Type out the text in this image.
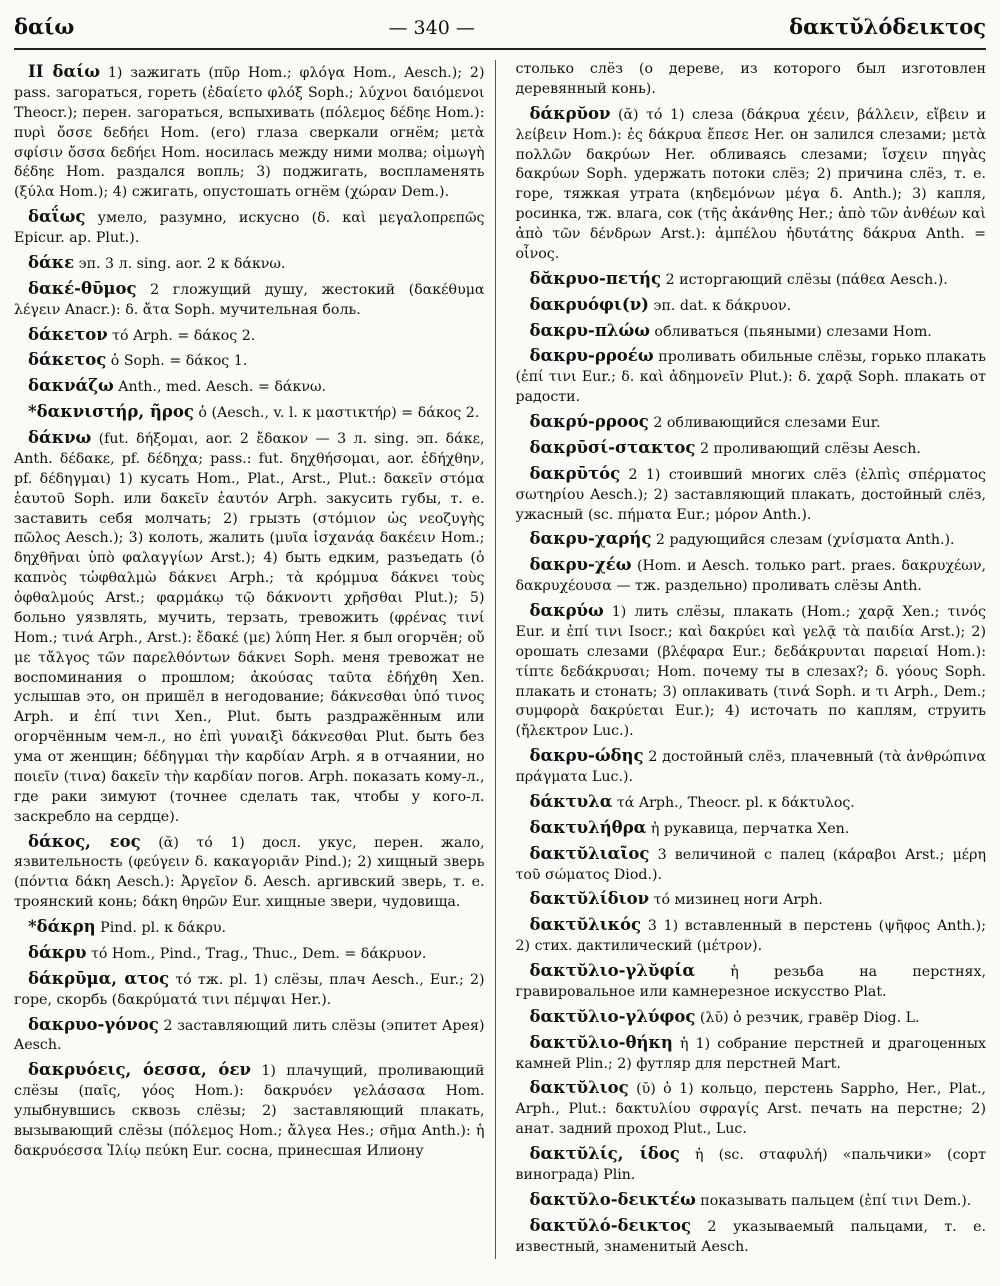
δαίω	— 340 —	δακτῠλόδεικτος

II δαίω 1) зажигать (πῦρ Hom.; φλόγα Hom., Aesch.); 2) pass. загораться, гореть (ἐδαίετο φλόξ Soph.; λύχνοι δαιόμενοι Theocr.); перен. загораться, вспыхивать (πόλεμος δέδηε Hom.): πυρὶ ὄσσε δεδήει Hom. (его) глаза сверкали огнём; μετὰ σφίσιν ὄσσα δεδήει Hom. носилась между ними молва; οἰμωγὴ δέδηε Hom. раздался вопль; 3) поджигать, воспламенять (ξύλα Hom.); 4) сжигать, опустошать огнём (χώραν Dem.).

δαΐως умело, разумно, искусно (δ. καὶ μεγαλοπρεπῶς Epicur. ap. Plut.).

δάκε эп. 3 л. sing. aor. 2 к δάκνω.

δακέ-θῡμος 2 гложущий душу, жестокий (δακέθυμα λέγειν Anacr.): δ. ἄτα Soph. мучительная боль.

δάκετον τό Arph. = δάκος 2.

δάκετος ὁ Soph. = δάκος 1.

δακνάζω Anth., med. Aesch. = δάκνω.

*δακνιστήρ, ῆρος ὁ (Aesch., v. l. к μαστικτήρ) = δάκος 2.

δάκνω (fut. δήξομαι, aor. 2 ἔδακον — 3 л. sing. эп. δάκε, Anth. δέδακε, pf. δέδηχα; pass.: fut. δηχθήσομαι, aor. ἐδήχθην, pf. δέδηγμαι) 1) кусать Hom., Plat., Arst., Plut.: δακεῖν στόμα ἑαυτοῦ Soph. или δακεῖν ἑαυτόν Arph. закусить губы, т. е. заставить себя молчать; 2) грызть (στόμιον ὡς νεοζυγὴς πῶλος Aesch.); 3) колоть, жалить (μυῖα ἰσχανάᾳ δακέειν Hom.; δηχθῆναι ὑπὸ φαλαγγίων Arst.); 4) быть едким, разъедать (ὁ καπνὸς τὠφθαλμὼ δάκνει Arph.; τὰ κρόμμυα δάκνει τοὺς ὀφθαλμούς Arst.; φαρμάκῳ τῷ δάκνοντι χρῆσθαι Plut.); 5) больно уязвлять, мучить, терзать, тревожить (φρένας τινί Hom.; τινά Arph., Arst.): ἔδακέ (με) λύπη Her. я был огорчён; οὔ με τἄλγος τῶν παρελθόντων δάκνει Soph. меня тревожат не воспоминания о прошлом; ἀκούσας ταῦτα ἐδήχθη Xen. услышав это, он пришёл в негодование; δάκνεσθαι ὑπό τινος Arph. и ἐπί τινι Xen., Plut. быть раздражённым или огорчённым чем-л., но ἐπὶ γυναιξὶ δάκνεσθαι Plut. быть без ума от женщин; δέδηγμαι τὴν καρδίαν Arph. я в отчаянии, но ποιεῖν (τινα) δακεῖν τὴν καρδίαν погов. Arph. показать кому-л., где раки зимуют (точнее сделать так, чтобы у кого-л. заскребло на сердце).

δάκος, εος (ᾰ) τό 1) досл. укус, перен. жало, язвительность (φεύγειν δ. κακαγοριᾶν Pind.); 2) хищный зверь (πόντια δάκη Aesch.): Ἀργεῖον δ. Aesch. аргивский зверь, т. е. троянский конь; δάκη θηρῶν Eur. хищные звери, чудовища.

*δάκρη Pind. pl. к δάκρυ.

δάκρυ τό Hom., Pind., Trag., Thuc., Dem. = δάκρυον.

δάκρῡμα, ατος τό тж. pl. 1) слёзы, плач Aesch., Eur.; 2) горе, скорбь (δακρύματά τινι πέμψαι Her.).

δακρυο-γόνος 2 заставляющий лить слёзы (эпитет Арея) Aesch.

δακρυόεις, όεσσα, όεν 1) плачущий, проливающий слёзы (παῖς, γόος Hom.): δακρυόεν γελάσασα Hom. улыбнувшись сквозь слёзы; 2) заставляющий плакать, вызывающий слёзы (πόλεμος Hom.; ἄλγεα Hes.; σῆμα Anth.): ἡ δακρυόεσσα Ἰλίῳ πεύκη Eur. сосна, принесшая Илиону

столько слёз (о дереве, из которого был изготовлен деревянный конь).

δάκρῠον (ᾰ) τό 1) слеза (δάκρυα χέειν, βάλλειν, εἴβειν и λείβειν Hom.): ἐς δάκρυα ἔπεσε Her. он залился слезами; μετὰ πολλῶν δακρύων Her. обливаясь слезами; ἴσχειν πηγὰς δακρύων Soph. удержать потоки слёз; 2) причина слёз, т. е. горе, тяжкая утрата (κηδεμόνων μέγα δ. Anth.); 3) капля, росинка, тж. влага, сок (τῆς ἀκάνθης Her.; ἀπὸ τῶν ἀνθέων καὶ ἀπὸ τῶν δένδρων Arst.): ἀμπέλου ἡδυτάτης δάκρυα Anth. = οἶνος.

δᾰκρυο-πετής 2 исторгающий слёзы (πάθεα Aesch.).

δακρυόφι(ν) эп. dat. к δάκρυον.

δακρυ-πλώω обливаться (пьяными) слезами Hom.

δακρυ-ρροέω проливать обильные слёзы, горько плакать (ἐπί τινι Eur.; δ. καὶ ἀδημονεῖν Plut.): δ. χαρᾷ Soph. плакать от радости.

δακρύ-ρροος 2 обливающийся слезами Eur.

δακρῡσί-στακτος 2 проливающий слёзы Aesch.

δακρῡτός 2 1) стоивший многих слёз (ἐλπὶς σπέρματος σωτηρίου Aesch.); 2) заставляющий плакать, достойный слёз, ужасный (sc. πήματα Eur.; μόρον Anth.).

δακρυ-χαρής 2 радующийся слезам (χνίσματα Anth.).

δακρυ-χέω (Hom. и Aesch. только part. praes. δακρυχέων, δακρυχέουσα — тж. раздельно) проливать слёзы Anth.

δακρύω 1) лить слёзы, плакать (Hom.; χαρᾷ Xen.; τινός Eur. и ἐπί τινι Isocr.; καὶ δακρύει καὶ γελᾷ τὰ παιδία Arst.); 2) орошать слезами (βλέφαρα Eur.; δεδάκρυνται παρειαί Hom.): τίπτε δεδάκρυσαι; Hom. почему ты в слезах?; δ. γόους Soph. плакать и стонать; 3) оплакивать (τινά Soph. и τι Arph., Dem.; συμφορὰ δακρύεται Eur.); 4) источать по каплям, струить (ἤλεκτρον Luc.).

δακρυ-ώδης 2 достойный слёз, плачевный (τὰ ἀνθρώπινα πράγματα Luc.).

δάκτυλα τά Arph., Theocr. pl. к δάκτυλος.

δακτυλήθρα ἡ рукавица, перчатка Xen.

δακτῠλιαῖος 3 величиной с палец (κάραβοι Arst.; μέρη τοῦ σώματος Diod.).

δακτῠλίδιον τό мизинец ноги Arph.

δακτῠλικός 3 1) вставленный в перстень (ψῆφος Anth.); 2) стих. дактилический (μέτρον).

δακτῠλιο-γλῠφία ἡ резьба на перстнях, гравировальное или камнерезное искусство Plat.

δακτῠλιο-γλύφος (λῠ) ὁ резчик, гравёр Diog. L.

δακτῠλιο-θήκη ἡ 1) собрание перстней и драгоценных камней Plin.; 2) футляр для перстней Mart.

δακτῠλιος (ῠ) ὁ 1) кольцо, перстень Sappho, Her., Plat., Arph., Plut.: δακτυλίου σφραγίς Arst. печать на перстне; 2) анат. задний проход Plut., Luc.

δακτῠλίς, ίδος ἡ (sc. σταφυλή) «пальчики» (сорт винограда) Plin.

δακτῠλο-δεικτέω показывать пальцем (ἐπί τινι Dem.).

δακτῠλό-δεικτος 2 указываемый пальцами, т. е. известный, знаменитый Aesch.
